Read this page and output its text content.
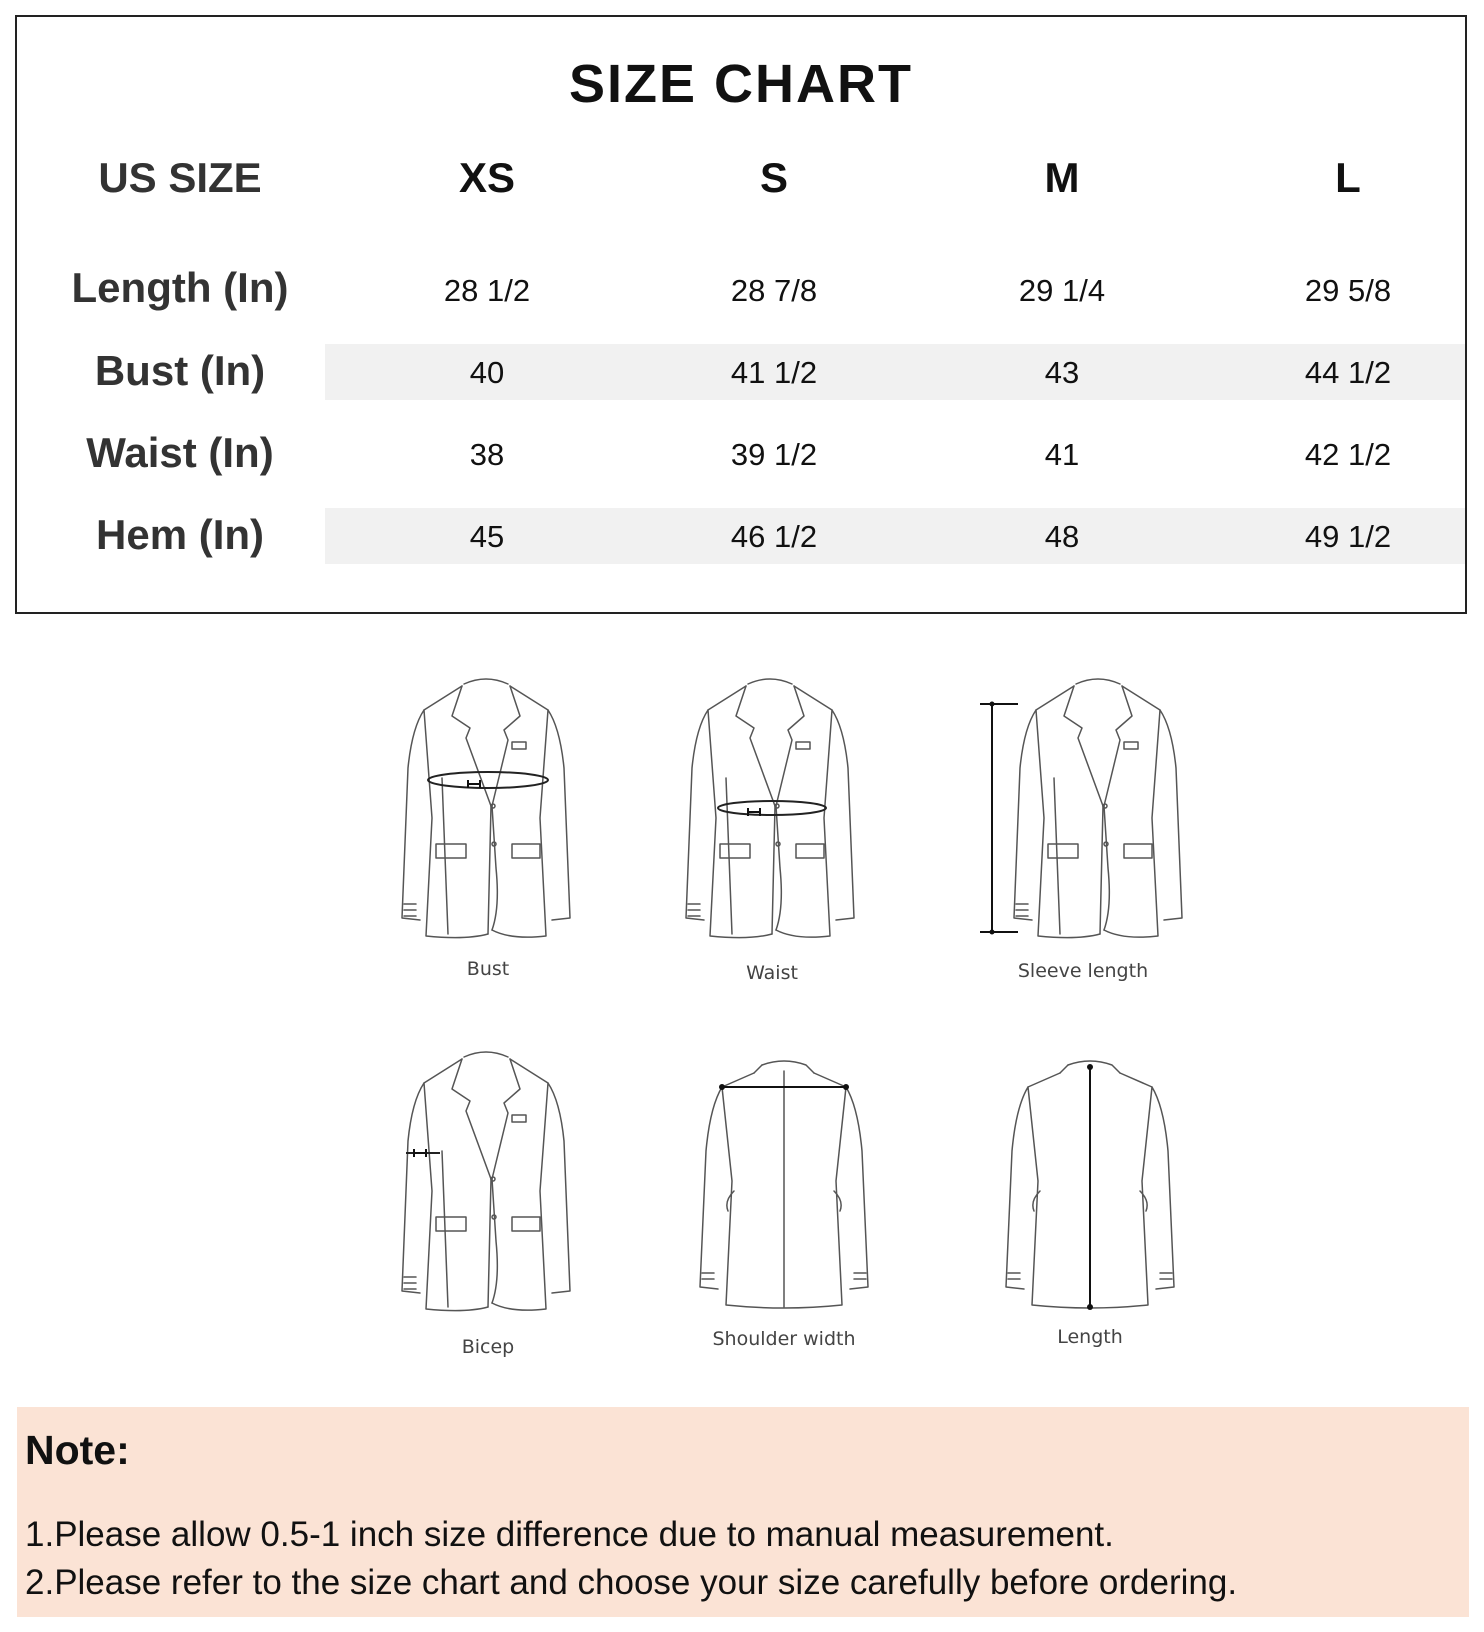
SIZE CHART
US SIZE	XS	S	M	L
Length (In)	28 1/2	28 7/8	29 1/4	29 5/8
Bust (In)	40	41 1/2	43	44 1/2
Waist (In)	38	39 1/2	41	42 1/2
Hem (In)	45	46 1/2	48	49 1/2
Bust	Waist	Sleeve length
Bicep	Shoulder width	Length
Note:
1.Please allow 0.5-1 inch size difference due to manual measurement.
2.Please refer to the size chart and choose your size carefully before ordering.
